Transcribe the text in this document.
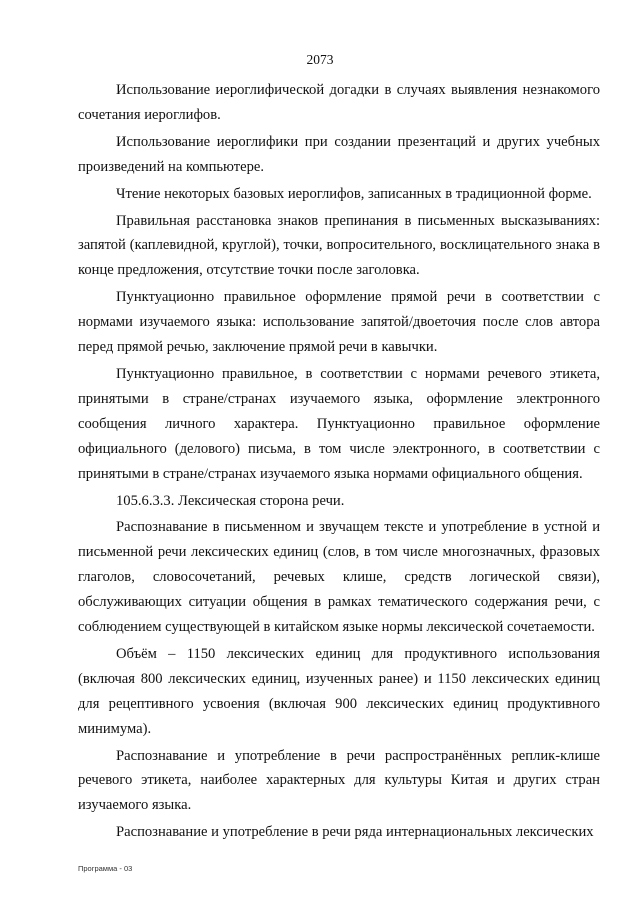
2073

Использование иероглифической догадки в случаях выявления незнакомого сочетания иероглифов.

Использование иероглифики при создании презентаций и других учебных произведений на компьютере.

Чтение некоторых базовых иероглифов, записанных в традиционной форме.

Правильная расстановка знаков препинания в письменных высказываниях: запятой (каплевидной, круглой), точки, вопросительного, восклицательного знака в конце предложения, отсутствие точки после заголовка.

Пунктуационно правильное оформление прямой речи в соответствии с нормами изучаемого языка: использование запятой/двоеточия после слов автора перед прямой речью, заключение прямой речи в кавычки.

Пунктуационно правильное, в соответствии с нормами речевого этикета, принятыми в стране/странах изучаемого языка, оформление электронного сообщения личного характера. Пунктуационно правильное оформление официального (делового) письма, в том числе электронного, в соответствии с принятыми в стране/странах изучаемого языка нормами официального общения.

105.6.3.3. Лексическая сторона речи.

Распознавание в письменном и звучащем тексте и употребление в устной и письменной речи лексических единиц (слов, в том числе многозначных, фразовых глаголов, словосочетаний, речевых клише, средств логической связи), обслуживающих ситуации общения в рамках тематического содержания речи, с соблюдением существующей в китайском языке нормы лексической сочетаемости.

Объём – 1150 лексических единиц для продуктивного использования (включая 800 лексических единиц, изученных ранее) и 1150 лексических единиц для рецептивного усвоения (включая 900 лексических единиц продуктивного минимума).

Распознавание и употребление в речи распространённых реплик-клише речевого этикета, наиболее характерных для культуры Китая и других стран изучаемого языка.

Распознавание и употребление в речи ряда интернациональных лексических

Программа - 03
